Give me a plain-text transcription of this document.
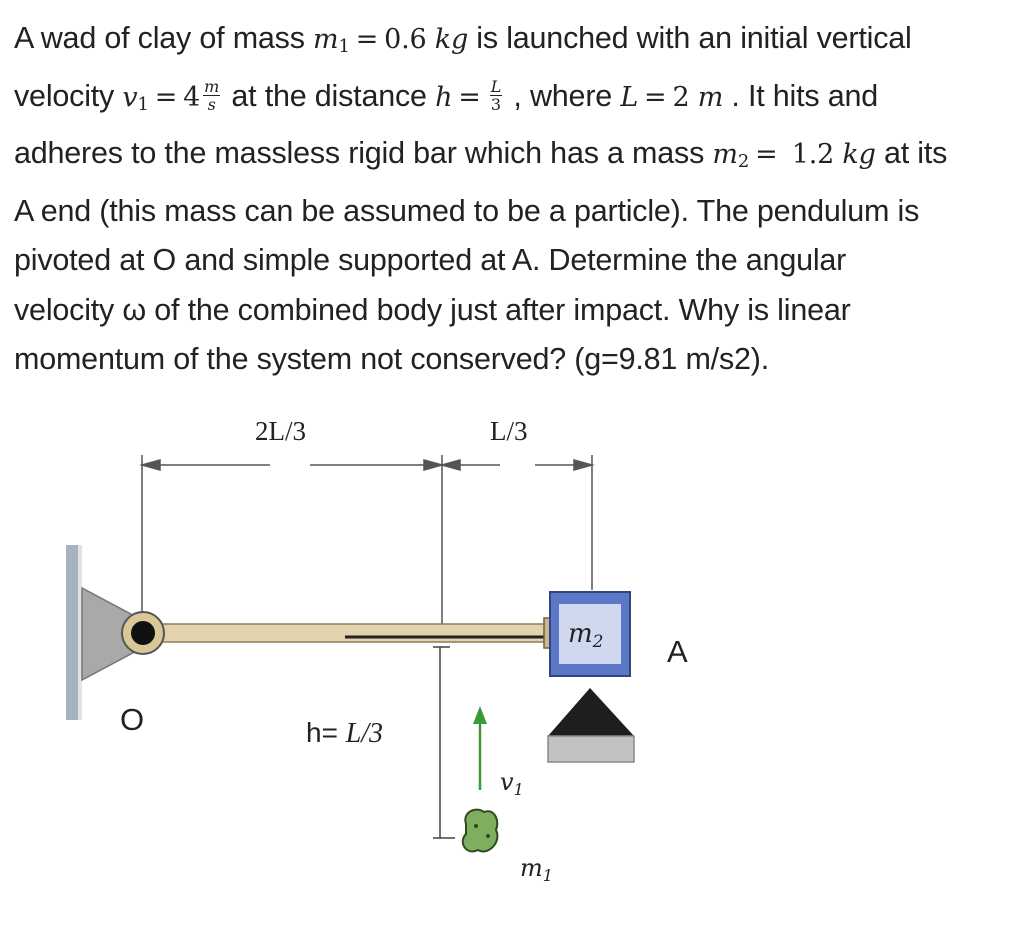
A wad of clay of mass $m_1 = 0.6$ kg is launched with an initial vertical
velocity $v_1 = 4 \frac{m}{s}$ at the distance $h = \frac{L}{3}$ , where L = 2 m . It hits and
adheres to the massless rigid bar which has a mass $m_2 = 1.2$ kg at its
A end (this mass can be assumed to be a particle). The pendulum is
pivoted at O and simple supported at A. Determine the angular
velocity ω of the combined body just after impact. Why is linear
momentum of the system not conserved? (g=9.81 m/s2).
2L/3	L/3
O
m2 A
h= L/3
$v_1$
$m_1$
